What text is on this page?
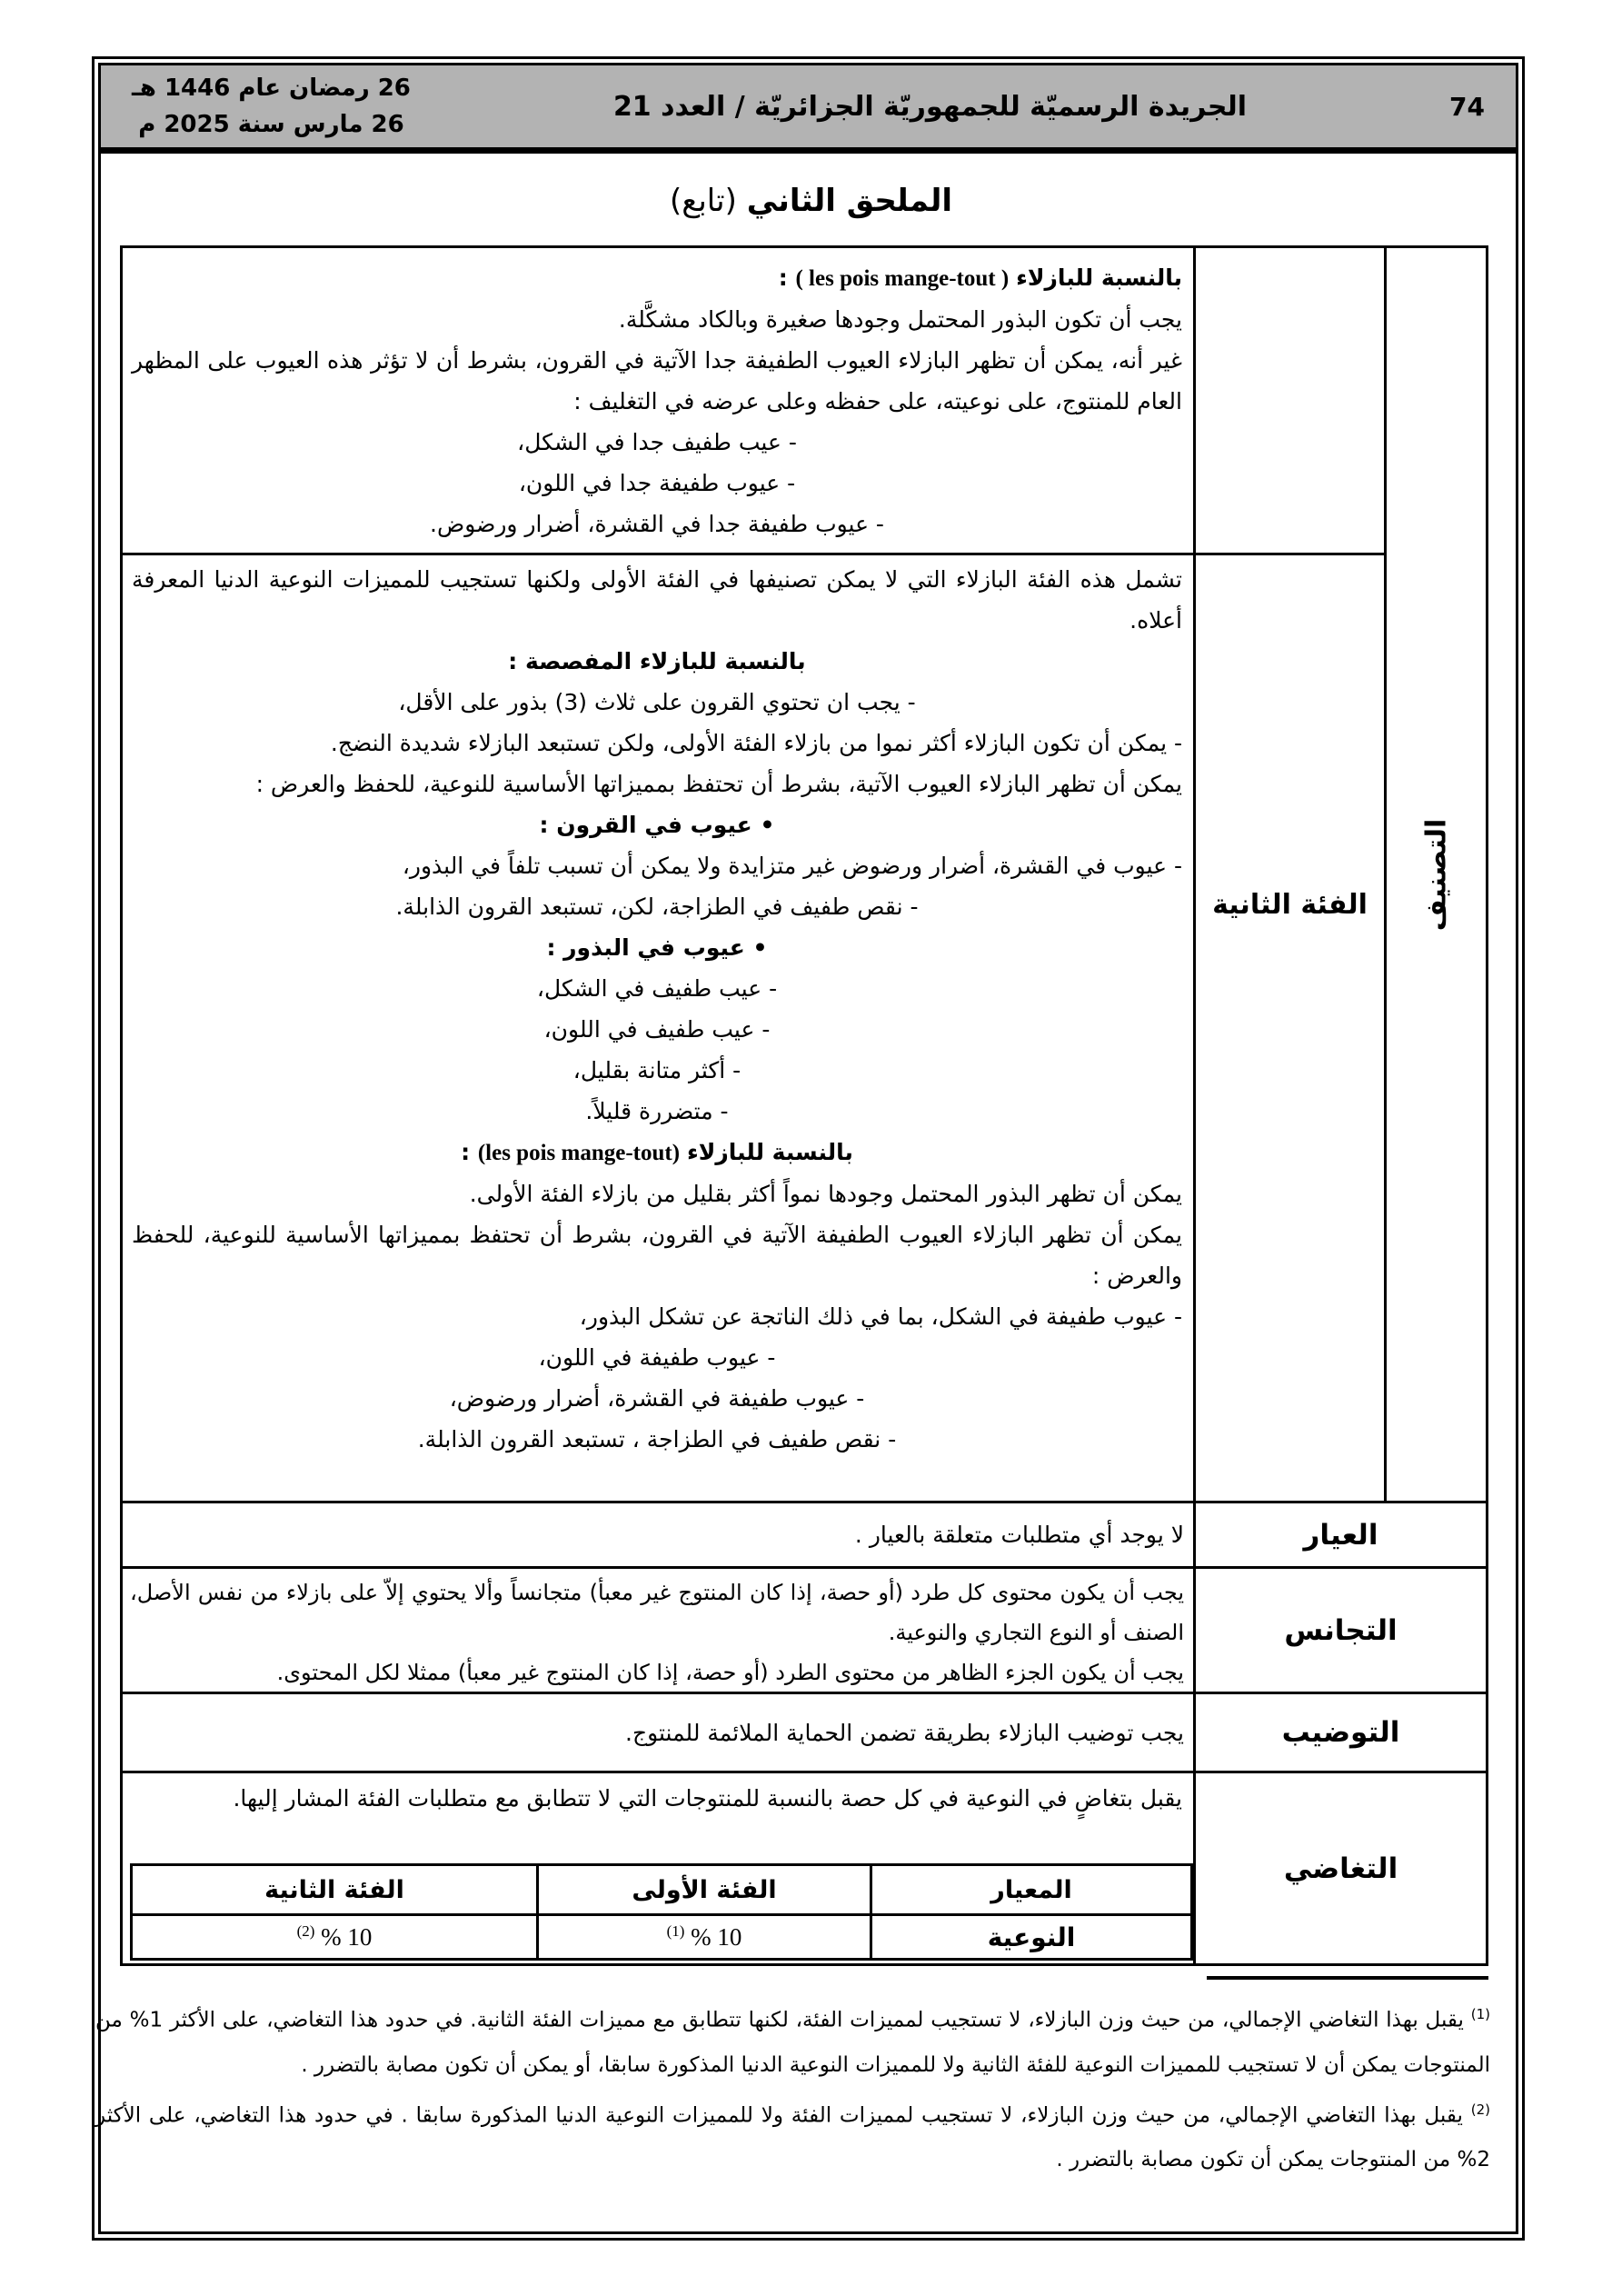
74
الجريدة الرسميّة للجمهوريّة الجزائريّة / العدد 21
26 رمضان عام 1446 هـ
26 مارس سنة 2025 م
الملحق الثاني (تابع)
التصنيف

بالنسبة للبازلاء ( les pois mange-tout ) :

يجب أن تكون البذور المحتمل وجودها صغيرة وبالكاد مشكَّلة.

غير أنه، يمكن أن تظهر البازلاء العيوب الطفيفة جدا الآتية في القرون، بشرط أن لا تؤثر هذه العيوب على المظهر العام للمنتوج، على نوعيته، على حفظه وعلى عرضه في التغليف :

- عيب طفيف جدا في الشكل،

- عيوب طفيفة جدا في اللون،

- عيوب طفيفة جدا في القشرة، أضرار ورضوض.

الفئة الثانية

تشمل هذه الفئة البازلاء التي لا يمكن تصنيفها في الفئة الأولى ولكنها تستجيب للمميزات النوعية الدنيا المعرفة أعلاه.

بالنسبة للبازلاء المفصصة :

- يجب ان تحتوي القرون على ثلاث (3) بذور على الأقل،

- يمكن أن تكون البازلاء أكثر نموا من بازلاء الفئة الأولى، ولكن تستبعد البازلاء شديدة النضج.

يمكن أن تظهر البازلاء العيوب الآتية، بشرط أن تحتفظ بمميزاتها الأساسية للنوعية، للحفظ والعرض :

• عيوب في القرون :

- عيوب في القشرة، أضرار ورضوض غير متزايدة ولا يمكن أن تسبب تلفاً في البذور،

- نقص طفيف في الطزاجة، لكن، تستبعد القرون الذابلة.

• عيوب في البذور :

- عيب طفيف في الشكل،

- عيب طفيف في اللون،

- أكثر متانة بقليل،

- متضررة قليلاً.

بالنسبة للبازلاء (les pois mange-tout) :

يمكن أن تظهر البذور المحتمل وجودها نمواً أكثر بقليل من بازلاء الفئة الأولى.

يمكن أن تظهر البازلاء العيوب الطفيفة الآتية في القرون، بشرط أن تحتفظ بمميزاتها الأساسية للنوعية، للحفظ والعرض :

- عيوب طفيفة في الشكل، بما في ذلك الناتجة عن تشكل البذور،

- عيوب طفيفة في اللون،

- عيوب طفيفة في القشرة، أضرار ورضوض،

- نقص طفيف في الطزاجة ، تستبعد القرون الذابلة.

العيار

لا يوجد أي متطلبات متعلقة بالعيار .

التجانس

يجب أن يكون محتوى كل طرد (أو حصة، إذا كان المنتوج غير معبأ) متجانساً وألا يحتوي إلاّ على بازلاء من نفس الأصل، الصنف أو النوع التجاري والنوعية.

يجب أن يكون الجزء الظاهر من محتوى الطرد (أو حصة، إذا كان المنتوج غير معبأ) ممثلا لكل المحتوى.

التوضيب

يجب توضيب البازلاء بطريقة تضمن الحماية الملائمة للمنتوج.

التغاضي

يقبل بتغاضٍ في النوعية في كل حصة بالنسبة للمنتوجات التي لا تتطابق مع متطلبات الفئة المشار إليها.

المعيار
الفئة الأولى
الفئة الثانية
النوعية
$^{(1)}$ % 10
$^{(2)}$ % 10

$^{(1)}$ يقبل بهذا التغاضي الإجمالي، من حيث وزن البازلاء، لا تستجيب لمميزات الفئة، لكنها تتطابق مع مميزات الفئة الثانية. في حدود هذا التغاضي، على الأكثر 1% من المنتوجات يمكن أن لا تستجيب للمميزات النوعية للفئة الثانية ولا للمميزات النوعية الدنيا المذكورة سابقا، أو يمكن أن تكون مصابة بالتضرر .

$^{(2)}$ يقبل بهذا التغاضي الإجمالي، من حيث وزن البازلاء، لا تستجيب لمميزات الفئة ولا للمميزات النوعية الدنيا المذكورة سابقا . في حدود هذا التغاضي، على الأكثر 2% من المنتوجات يمكن أن تكون مصابة بالتضرر .
